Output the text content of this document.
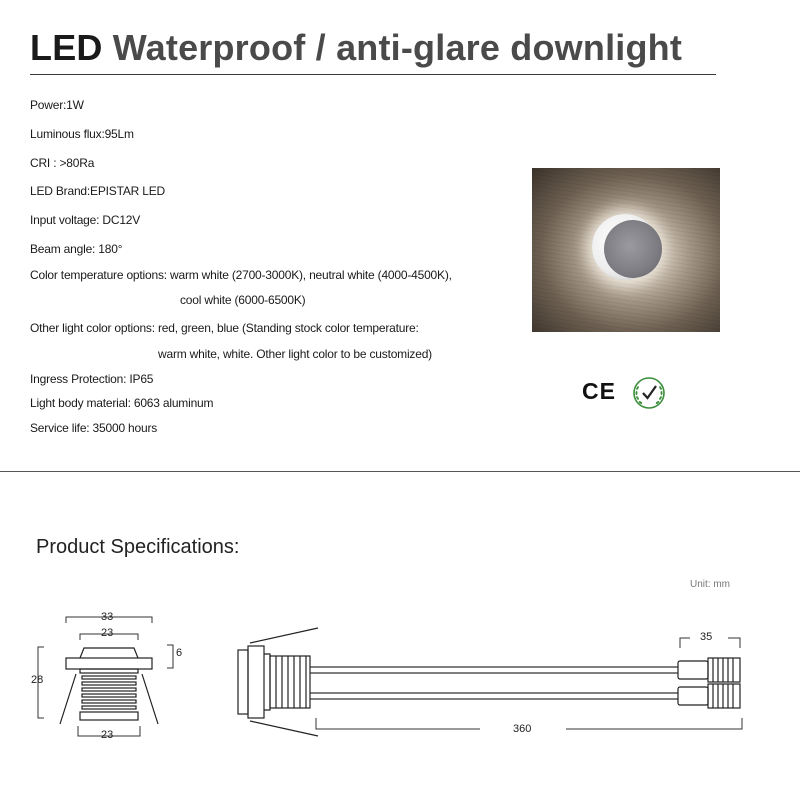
LED Waterproof / anti-glare downlight
Power:1W
Luminous flux:95Lm
CRI : >80Ra
LED Brand:EPISTAR LED
Input voltage: DC12V
Beam angle: 180°
Color temperature options: warm white (2700-3000K), neutral white (4000-4500K),
cool white (6000-6500K)
Other light color options: red, green, blue (Standing stock color temperature:
warm white, white. Other light color to be customized)
Ingress Protection: IP65
Light body material: 6063 aluminum
Service life: 35000 hours
CE
Product Specifications:
Unit: mm
33
23
6
28
23
35
360
